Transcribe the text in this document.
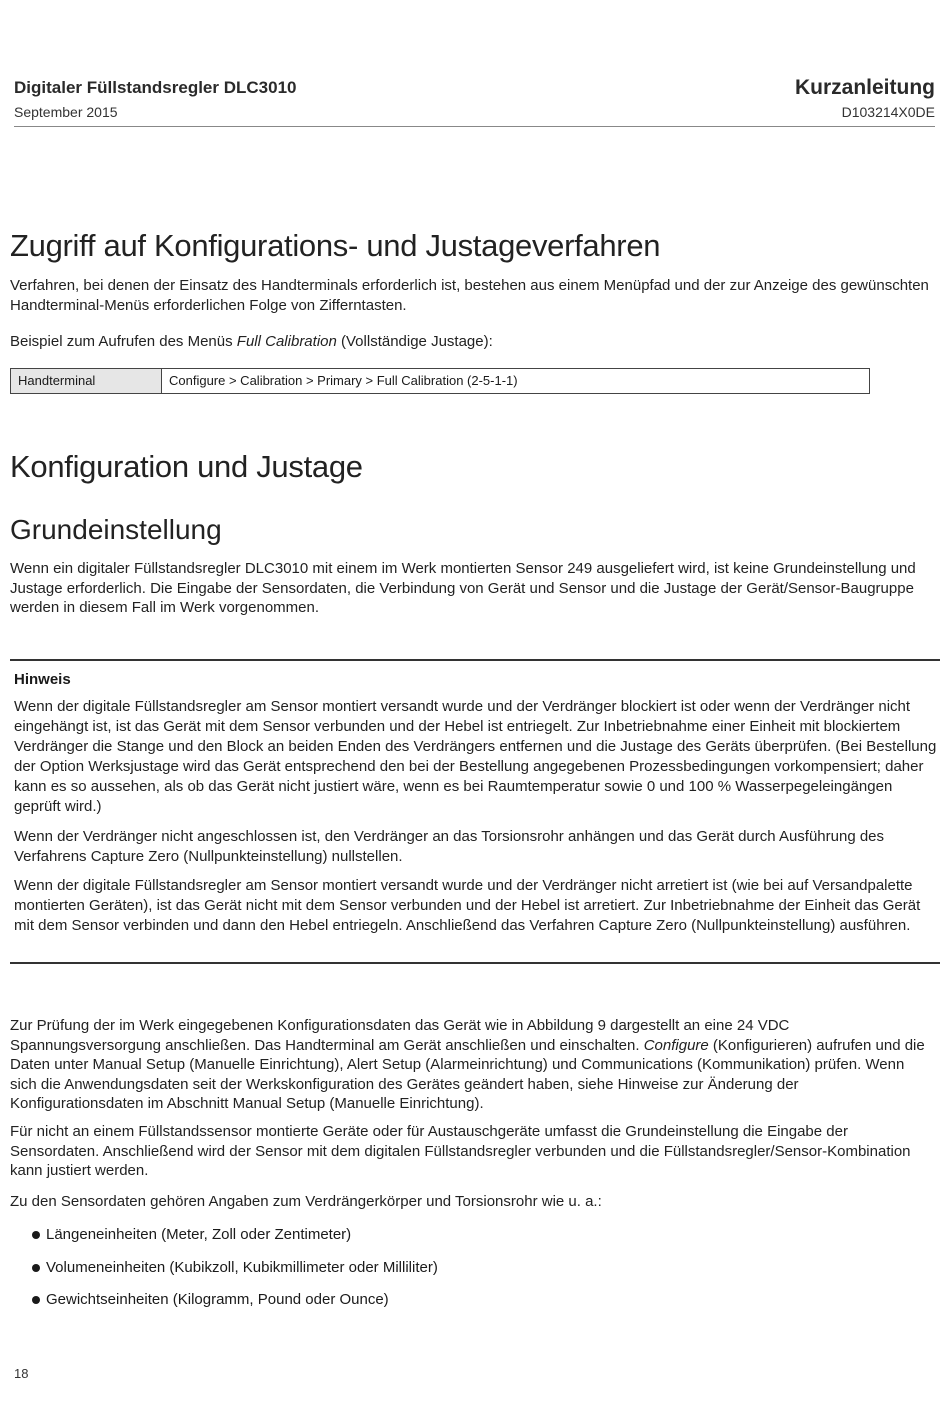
Digitaler Füllstandsregler DLC3010
September 2015
Kurzanleitung
D103214X0DE
Zugriff auf Konfigurations- und Justageverfahren

Verfahren, bei denen der Einsatz des Handterminals erforderlich ist, bestehen aus einem Menüpfad und der zur Anzeige des gewünschten Handterminal-Menüs erforderlichen Folge von Zifferntasten.

Beispiel zum Aufrufen des Menüs Full Calibration (Vollständige Justage):

Handterminal	Configure > Calibration > Primary > Full Calibration (2-5-1-1)
Konfiguration und Justage
Grundeinstellung

Wenn ein digitaler Füllstandsregler DLC3010 mit einem im Werk montierten Sensor 249 ausgeliefert wird, ist keine Grundeinstellung und Justage erforderlich. Die Eingabe der Sensordaten, die Verbindung von Gerät und Sensor und die Justage der Gerät/Sensor-Baugruppe werden in diesem Fall im Werk vorgenommen.

Hinweis

Wenn der digitale Füllstandsregler am Sensor montiert versandt wurde und der Verdränger blockiert ist oder wenn der Verdränger nicht eingehängt ist, ist das Gerät mit dem Sensor verbunden und der Hebel ist entriegelt. Zur Inbetriebnahme einer Einheit mit blockiertem Verdränger die Stange und den Block an beiden Enden des Verdrängers entfernen und die Justage des Geräts überprüfen. (Bei Bestellung der Option Werksjustage wird das Gerät entsprechend den bei der Bestellung angegebenen Prozessbedingungen vorkompensiert; daher kann es so aussehen, als ob das Gerät nicht justiert wäre, wenn es bei Raumtemperatur sowie 0 und 100 % Wasserpegeleingängen geprüft wird.)

Wenn der Verdränger nicht angeschlossen ist, den Verdränger an das Torsionsrohr anhängen und das Gerät durch Ausführung des Verfahrens Capture Zero (Nullpunkteinstellung) nullstellen.

Wenn der digitale Füllstandsregler am Sensor montiert versandt wurde und der Verdränger nicht arretiert ist (wie bei auf Versandpalette montierten Geräten), ist das Gerät nicht mit dem Sensor verbunden und der Hebel ist arretiert. Zur Inbetriebnahme der Einheit das Gerät mit dem Sensor verbinden und dann den Hebel entriegeln. Anschließend das Verfahren Capture Zero (Nullpunkteinstellung) ausführen.

Zur Prüfung der im Werk eingegebenen Konfigurationsdaten das Gerät wie in Abbildung 9 dargestellt an eine 24 VDC Spannungsversorgung anschließen. Das Handterminal am Gerät anschließen und einschalten. Configure (Konfigurieren) aufrufen und die Daten unter Manual Setup (Manuelle Einrichtung), Alert Setup (Alarmeinrichtung) und Communications (Kommunikation) prüfen. Wenn sich die Anwendungsdaten seit der Werkskonfiguration des Gerätes geändert haben, siehe Hinweise zur Änderung der Konfigurationsdaten im Abschnitt Manual Setup (Manuelle Einrichtung).

Für nicht an einem Füllstandssensor montierte Geräte oder für Austauschgeräte umfasst die Grundeinstellung die Eingabe der Sensordaten. Anschließend wird der Sensor mit dem digitalen Füllstandsregler verbunden und die Füllstandsregler/Sensor-Kombination kann justiert werden.

Zu den Sensordaten gehören Angaben zum Verdrängerkörper und Torsionsrohr wie u. a.:

Längeneinheiten (Meter, Zoll oder Zentimeter)
Volumeneinheiten (Kubikzoll, Kubikmillimeter oder Milliliter)
Gewichtseinheiten (Kilogramm, Pound oder Ounce)
18
